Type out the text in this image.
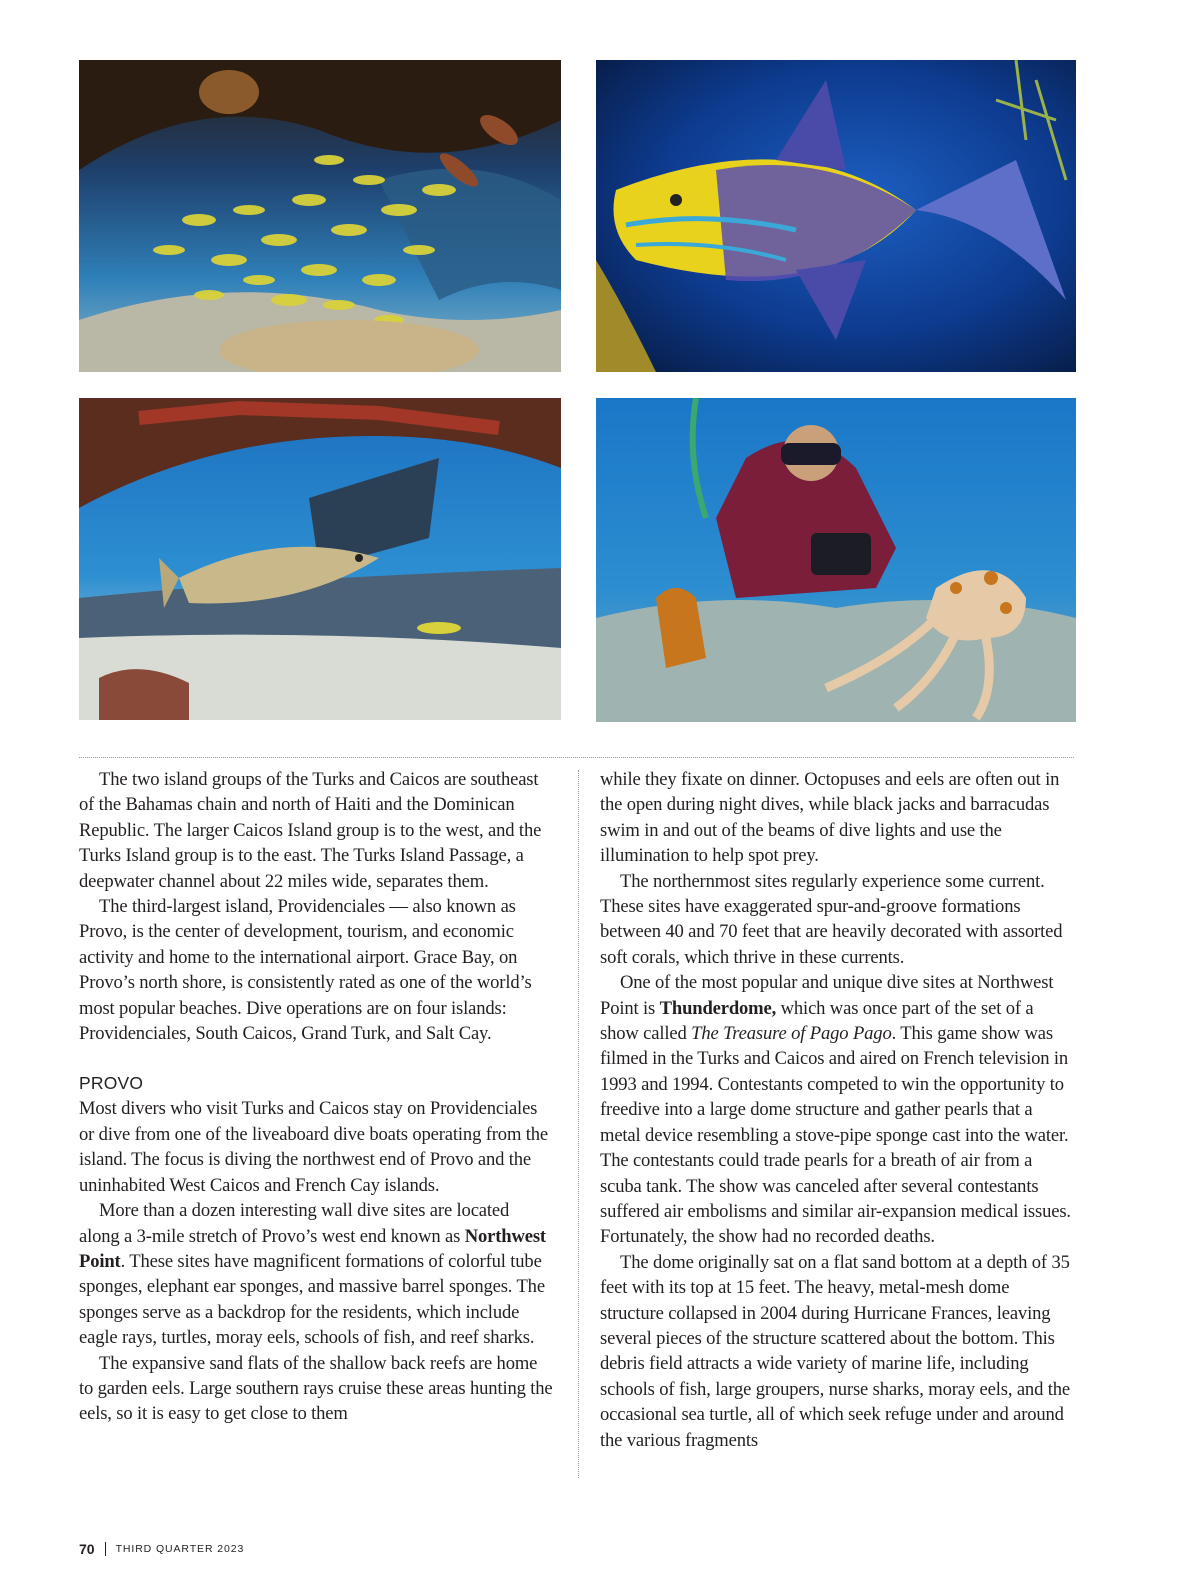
The two island groups of the Turks and Caicos are southeast of the Bahamas chain and north of Haiti and the Dominican Republic. The larger Caicos Island group is to the west, and the Turks Island group is to the east. The Turks Island Passage, a deepwater channel about 22 miles wide, separates them.

The third-largest island, Providenciales — also known as Provo, is the center of development, tourism, and economic activity and home to the international airport. Grace Bay, on Provo’s north shore, is consistently rated as one of the world’s most popular beaches. Dive operations are on four islands: Providenciales, South Caicos, Grand Turk, and Salt Cay.

PROVO

Most divers who visit Turks and Caicos stay on Providenciales or dive from one of the liveaboard dive boats operating from the island. The focus is diving the northwest end of Provo and the uninhabited West Caicos and French Cay islands.

More than a dozen interesting wall dive sites are located along a 3-mile stretch of Provo’s west end known as Northwest Point. These sites have magnificent formations of colorful tube sponges, elephant ear sponges, and massive barrel sponges. The sponges serve as a backdrop for the residents, which include eagle rays, turtles, moray eels, schools of fish, and reef sharks.

The expansive sand flats of the shallow back reefs are home to garden eels. Large southern rays cruise these areas hunting the eels, so it is easy to get close to them

while they fixate on dinner. Octopuses and eels are often out in the open during night dives, while black jacks and barracudas swim in and out of the beams of dive lights and use the illumination to help spot prey.

The northernmost sites regularly experience some current. These sites have exaggerated spur-and-groove formations between 40 and 70 feet that are heavily decorated with assorted soft corals, which thrive in these currents.

One of the most popular and unique dive sites at Northwest Point is Thunderdome, which was once part of the set of a show called The Treasure of Pago Pago. This game show was filmed in the Turks and Caicos and aired on French television in 1993 and 1994. Contestants competed to win the opportunity to freedive into a large dome structure and gather pearls that a metal device resembling a stove-pipe sponge cast into the water. The contestants could trade pearls for a breath of air from a scuba tank. The show was canceled after several contestants suffered air embolisms and similar air-expansion medical issues. Fortunately, the show had no recorded deaths.

The dome originally sat on a flat sand bottom at a depth of 35 feet with its top at 15 feet. The heavy, metal-mesh dome structure collapsed in 2004 during Hurricane Frances, leaving several pieces of the structure scattered about the bottom. This debris field attracts a wide variety of marine life, including schools of fish, large groupers, nurse sharks, moray eels, and the occasional sea turtle, all of which seek refuge under and around the various fragments

70 THIRD QUARTER 2023
